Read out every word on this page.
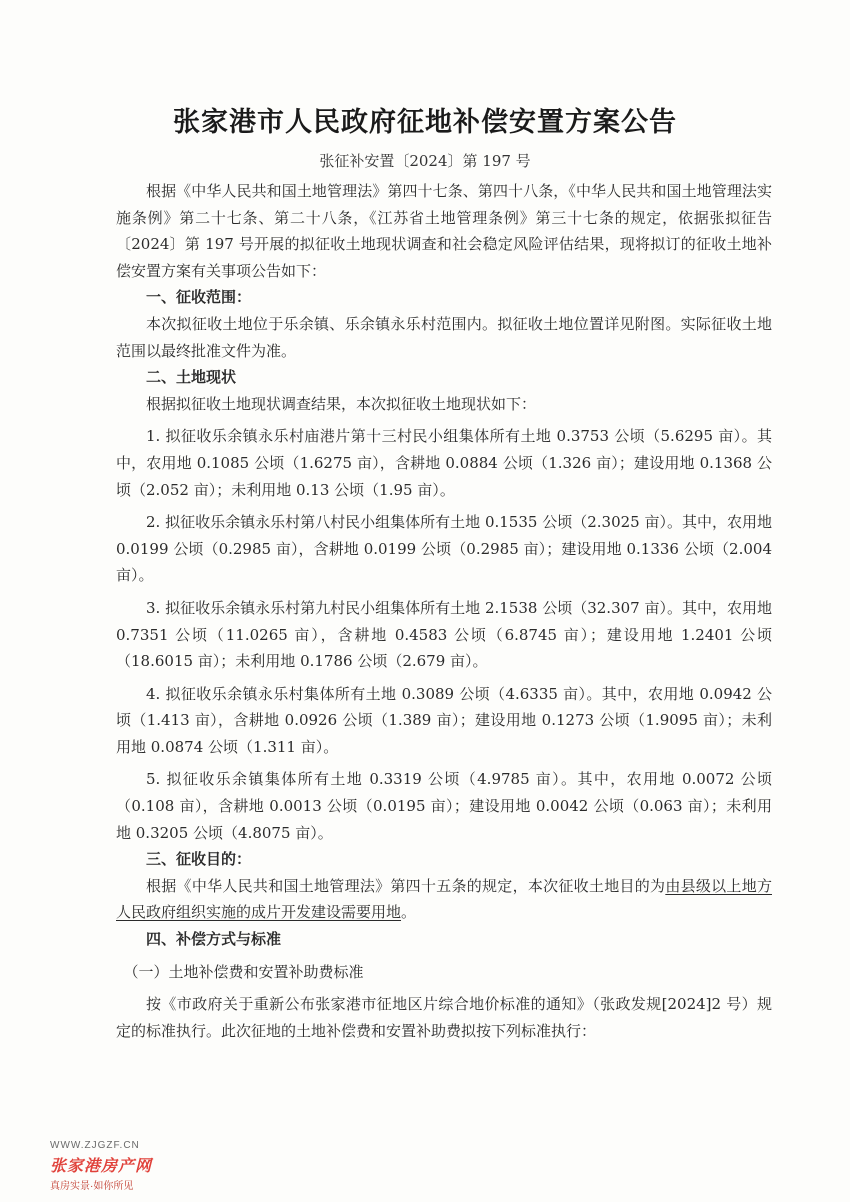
张家港市人民政府征地补偿安置方案公告
张征补安置〔2024〕第 197 号

根据《中华人民共和国土地管理法》第四十七条、第四十八条，《中华人民共和国土地管理法实施条例》第二十七条、第二十八条，《江苏省土地管理条例》第三十七条的规定，依据张拟征告〔2024〕第 197 号开展的拟征收土地现状调查和社会稳定风险评估结果，现将拟订的征收土地补偿安置方案有关事项公告如下：

一、征收范围：

本次拟征收土地位于乐余镇、乐余镇永乐村范围内。拟征收土地位置详见附图。实际征收土地范围以最终批准文件为准。

二、土地现状

根据拟征收土地现状调查结果，本次拟征收土地现状如下：

1. 拟征收乐余镇永乐村庙港片第十三村民小组集体所有土地 0.3753 公顷（5.6295 亩）。其中，农用地 0.1085 公顷（1.6275 亩），含耕地 0.0884 公顷（1.326 亩）；建设用地 0.1368 公顷（2.052 亩）；未利用地 0.13 公顷（1.95 亩）。

2. 拟征收乐余镇永乐村第八村民小组集体所有土地 0.1535 公顷（2.3025 亩）。其中，农用地 0.0199 公顷（0.2985 亩），含耕地 0.0199 公顷（0.2985 亩）；建设用地 0.1336 公顷（2.004 亩）。

3. 拟征收乐余镇永乐村第九村民小组集体所有土地 2.1538 公顷（32.307 亩）。其中，农用地 0.7351 公顷（11.0265 亩），含耕地 0.4583 公顷（6.8745 亩）；建设用地 1.2401 公顷（18.6015 亩）；未利用地 0.1786 公顷（2.679 亩）。

4. 拟征收乐余镇永乐村集体所有土地 0.3089 公顷（4.6335 亩）。其中，农用地 0.0942 公顷（1.413 亩），含耕地 0.0926 公顷（1.389 亩）；建设用地 0.1273 公顷（1.9095 亩）；未利用地 0.0874 公顷（1.311 亩）。

5. 拟征收乐余镇集体所有土地 0.3319 公顷（4.9785 亩）。其中，农用地 0.0072 公顷（0.108 亩），含耕地 0.0013 公顷（0.0195 亩）；建设用地 0.0042 公顷（0.063 亩）；未利用地 0.3205 公顷（4.8075 亩）。

三、征收目的：

根据《中华人民共和国土地管理法》第四十五条的规定，本次征收土地目的为由县级以上地方人民政府组织实施的成片开发建设需要用地。

四、补偿方式与标准

（一）土地补偿费和安置补助费标准

按《市政府关于重新公布张家港市征地区片综合地价标准的通知》（张政发规[2024]2 号）规定的标准执行。此次征地的土地补偿费和安置补助费拟按下列标准执行：

WWW.ZJGZF.CN
张家港房产网
真房实景·如你所见
